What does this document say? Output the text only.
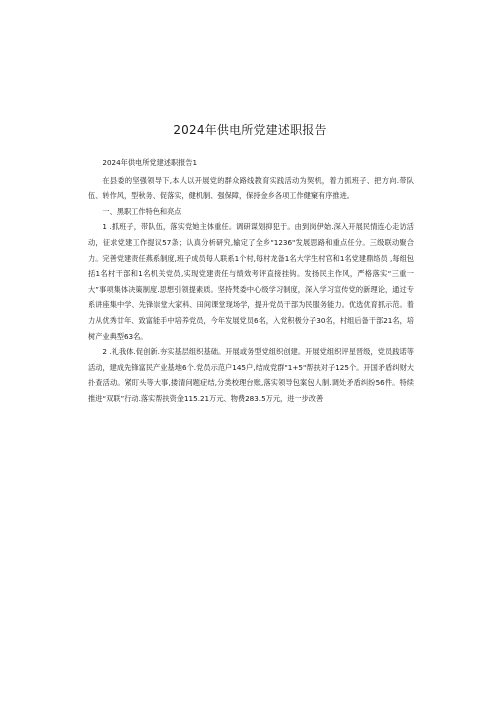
2024年供电所党建述职报告

2024年供电所党建述职报告1

在县委的坚强领导下,本人以开展党的群众路线教育实践活动为契机，着力抓班子、把方向.带队伍、转作风，型秋务、促落实，健机制、强保障，保持金乡各项工作健窠有序推进。

一、黑职工作特色和亮点

1 .抓班子，带队伍，落实党她主体重任。调研谋划抑犯于。由到岗伊始.深入开展民情连心走访活动，征求党建工作提议57条；认真分析研究,输定了全乡"1236"发展思路和重点任分。三级联动聚合力。完善党建责任燕系制度,班子成员每人联系1个村,每村龙备1名大学生村官和1名党建鼎络员 ,每组包括1名村干部和1名机关党员,实现党建责任与绩效考评直接挂钩。发扬民主作风，严格落实“三重一大”事项集体决策制度.思想引领提素质。坚持梵委中心级学习制度，深入学习宣传党的新理论，通过专系讲座集中学、先锋崇堂大家科、田间课堂现场学，提升党员干部为民服务能力。优选优育抓示范。着力从优秀廿年、致富能手中培养党员，今年发展党员6名，入党积极分子30名，村组后备干部21名，培树产业典型63名。

2 .礼我体.促创新.夯实基层组织基础。开展或务型党组织创建。开展党组织评星晋级，党员践诺等活动，建成先锋富民产业基地6个.党员示范户145户,结成党群"1+5"帮扶对子125个。开国矛盾纠财大扑查活动。紧盯头等大事,搂清问题症结,分类校理台账,落实领导包案包人制.调处矛盾纠纷56件。特续推进“双联”行动.落实帮扶资金115.21万元、物费283.5万元，进一步改善
